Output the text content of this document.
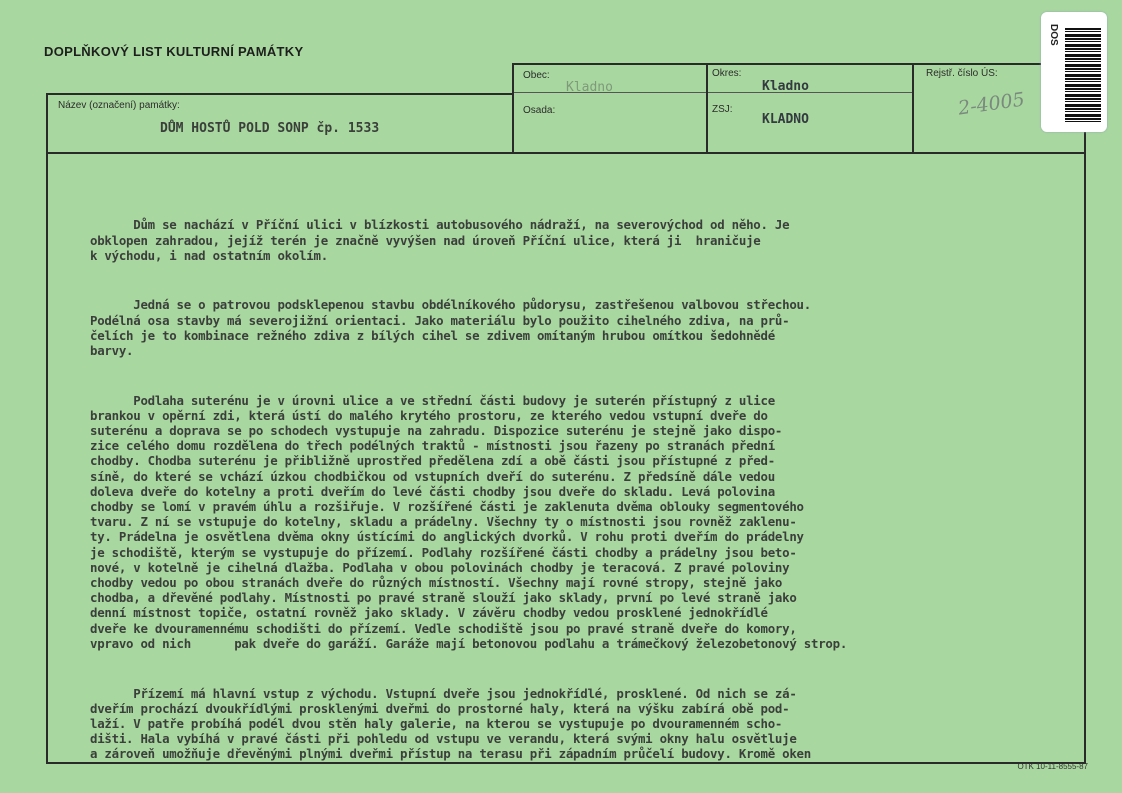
DOPLŇKOVÝ LIST KULTURNÍ PAMÁTKY
Obec:
Kladno
Okres:
Kladno
Rejstř. číslo ÚS:
2-4005
Název (označení) památky:
DŮM HOSTŮ POLD SONP čp. 1533
Osada:	ZSJ:
KLADNO
DOS

Dům se nachází v Příční ulici v blízkosti autobusového nádraží, na severovýchod od něho. Je
obklopen zahradou, jejíž terén je značně vyvýšen nad úroveň Příční ulice, která ji  hraničuje
k východu, i nad ostatním okolím.

Jedná se o patrovou podsklepenou stavbu obdélníkového půdorysu, zastřešenou valbovou střechou.
Podélná osa stavby má severojižní orientaci. Jako materiálu bylo použito cihelného zdiva, na prů-
čelích je to kombinace režného zdiva z bílých cihel se zdivem omítaným hrubou omítkou šedohnědé
barvy.

Podlaha suterénu je v úrovni ulice a ve střední části budovy je suterén přístupný z ulice
brankou v opěrní zdi, která ústí do malého krytého prostoru, ze kterého vedou vstupní dveře do
suterénu a doprava se po schodech vystupuje na zahradu. Dispozice suterénu je stejně jako dispo-
zice celého domu rozdělena do třech podélných traktů - místnosti jsou řazeny po stranách přední
chodby. Chodba suterénu je přibližně uprostřed předělena zdí a obě části jsou přístupné z před-
síně, do které se vchází úzkou chodbičkou od vstupních dveří do suterénu. Z předsíně dále vedou
doleva dveře do kotelny a proti dveřím do levé části chodby jsou dveře do skladu. Levá polovina
chodby se lomí v pravém úhlu a rozšiřuje. V rozšířené části je zaklenuta dvěma oblouky segmentového
tvaru. Z ní se vstupuje do kotelny, skladu a prádelny. Všechny ty o místnosti jsou rovněž zaklenu-
ty. Prádelna je osvětlena dvěma okny ústícími do anglických dvorků. V rohu proti dveřím do prádelny
je schodiště, kterým se vystupuje do přízemí. Podlahy rozšířené části chodby a prádelny jsou beto-
nové, v kotelně je cihelná dlažba. Podlaha v obou polovinách chodby je teracová. Z pravé poloviny
chodby vedou po obou stranách dveře do různých místností. Všechny mají rovné stropy, stejně jako
chodba, a dřevěné podlahy. Místnosti po pravé straně slouží jako sklady, první po levé straně jako
denní místnost topiče, ostatní rovněž jako sklady. V závěru chodby vedou prosklené jednokřídlé
dveře ke dvouramennému schodišti do přízemí. Vedle schodiště jsou po pravé straně dveře do komory,
vpravo od nich      pak dveře do garáží. Garáže mají betonovou podlahu a trámečkový železobetonový strop.

Přízemí má hlavní vstup z východu. Vstupní dveře jsou jednokřídlé, prosklené. Od nich se zá-
dveřím prochází dvoukřídlými prosklenými dveřmi do prostorné haly, která na výšku zabírá obě pod-
laží. V patře probíhá podél dvou stěn haly galerie, na kterou se vystupuje po dvouramenném scho-
dišti. Hala vybíhá v pravé části při pohledu od vstupu ve verandu, která svými okny halu osvětluje
a zároveň umožňuje dřevěnými plnými dveřmi přístup na terasu při západním průčelí budovy. Kromě oken

OTK 10-11-8555-87
